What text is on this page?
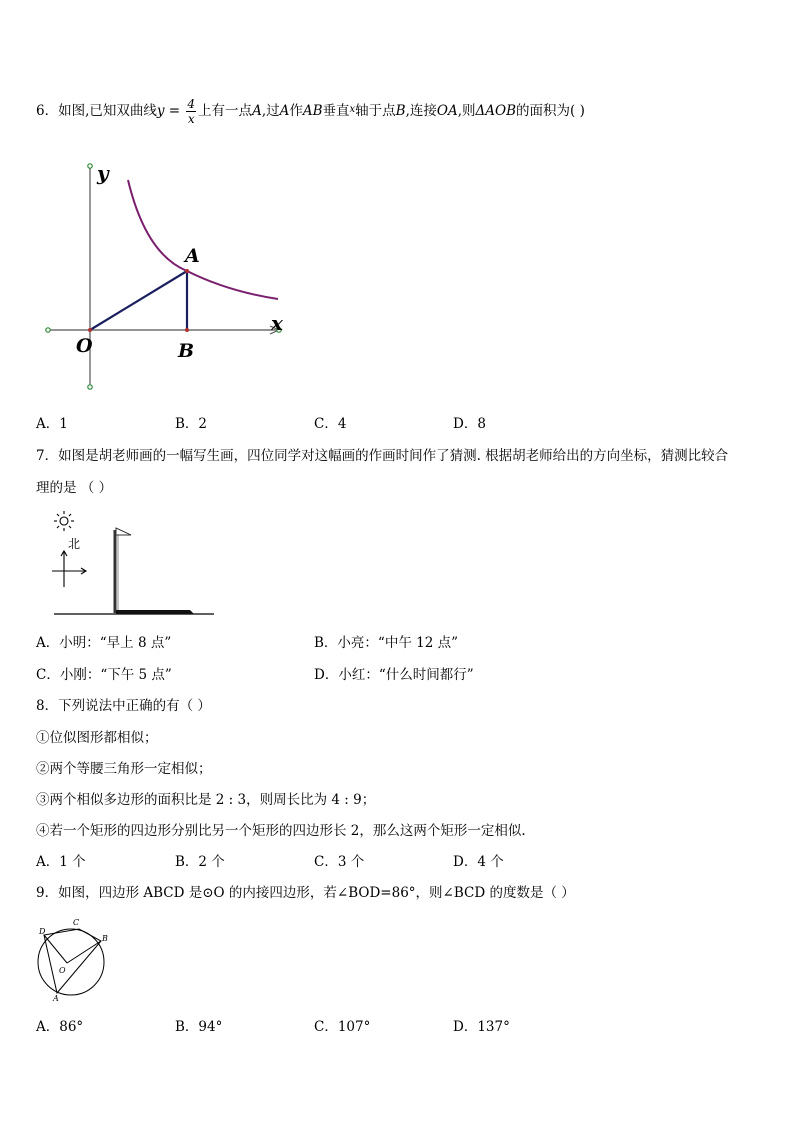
6．如图,已知双曲线$y = \frac{4}{x}$ 上有一点A,过A作AB垂直$^x$轴于点B,连接OA,则ΔAOB的面积为( )
y
x
A
O	B
A．1	B．2	C．4	D．8
7．如图是胡老师画的一幅写生画，四位同学对这幅画的作画时间作了猜测. 根据胡老师给出的方向坐标，猜测比较合
理的是 （ ）
北
A．小明：“早上 8 点”	B．小亮：“中午 12 点”
C．小刚：“下午 5 点”	D．小红：“什么时间都行”
8．下列说法中正确的有（ ）
①位似图形都相似；
②两个等腰三角形一定相似；
③两个相似多边形的面积比是 2 : 3，则周长比为 4 : 9；
④若一个矩形的四边形分别比另一个矩形的四边形长 2，那么这两个矩形一定相似.
A．1 个	B．2 个	C．3 个	D．4 个
9．如图，四边形 ABCD 是⊙O 的内接四边形，若∠BOD=86°，则∠BCD 的度数是（ ）
C
D
B
O
A
A．86°	B．94°	C．107°	D．137°
